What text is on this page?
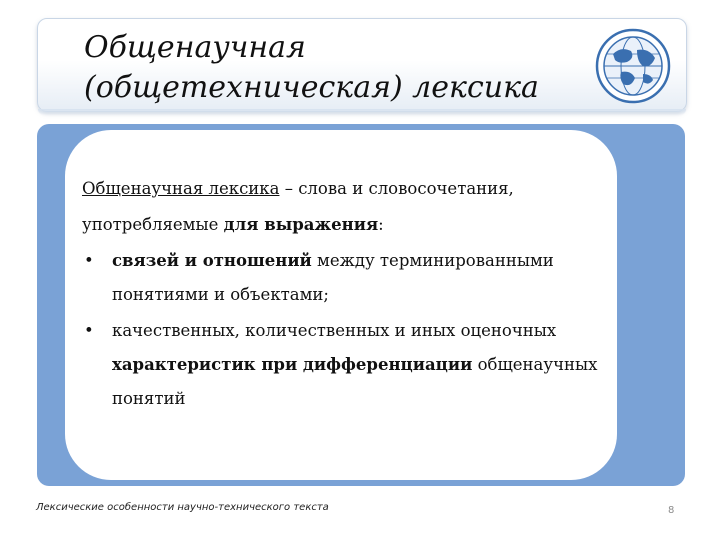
Общенаучная
(общетехническая) лексика
Общенаучная лексика – слова и словосочетания,
употребляемые для выражения:
• связей и отношений между терминированными
понятиями и объектами;
• качественных, количественных и иных оценочных
характеристик при дифференциации общенаучных
понятий
Лексические особенности научно-технического текста	8
